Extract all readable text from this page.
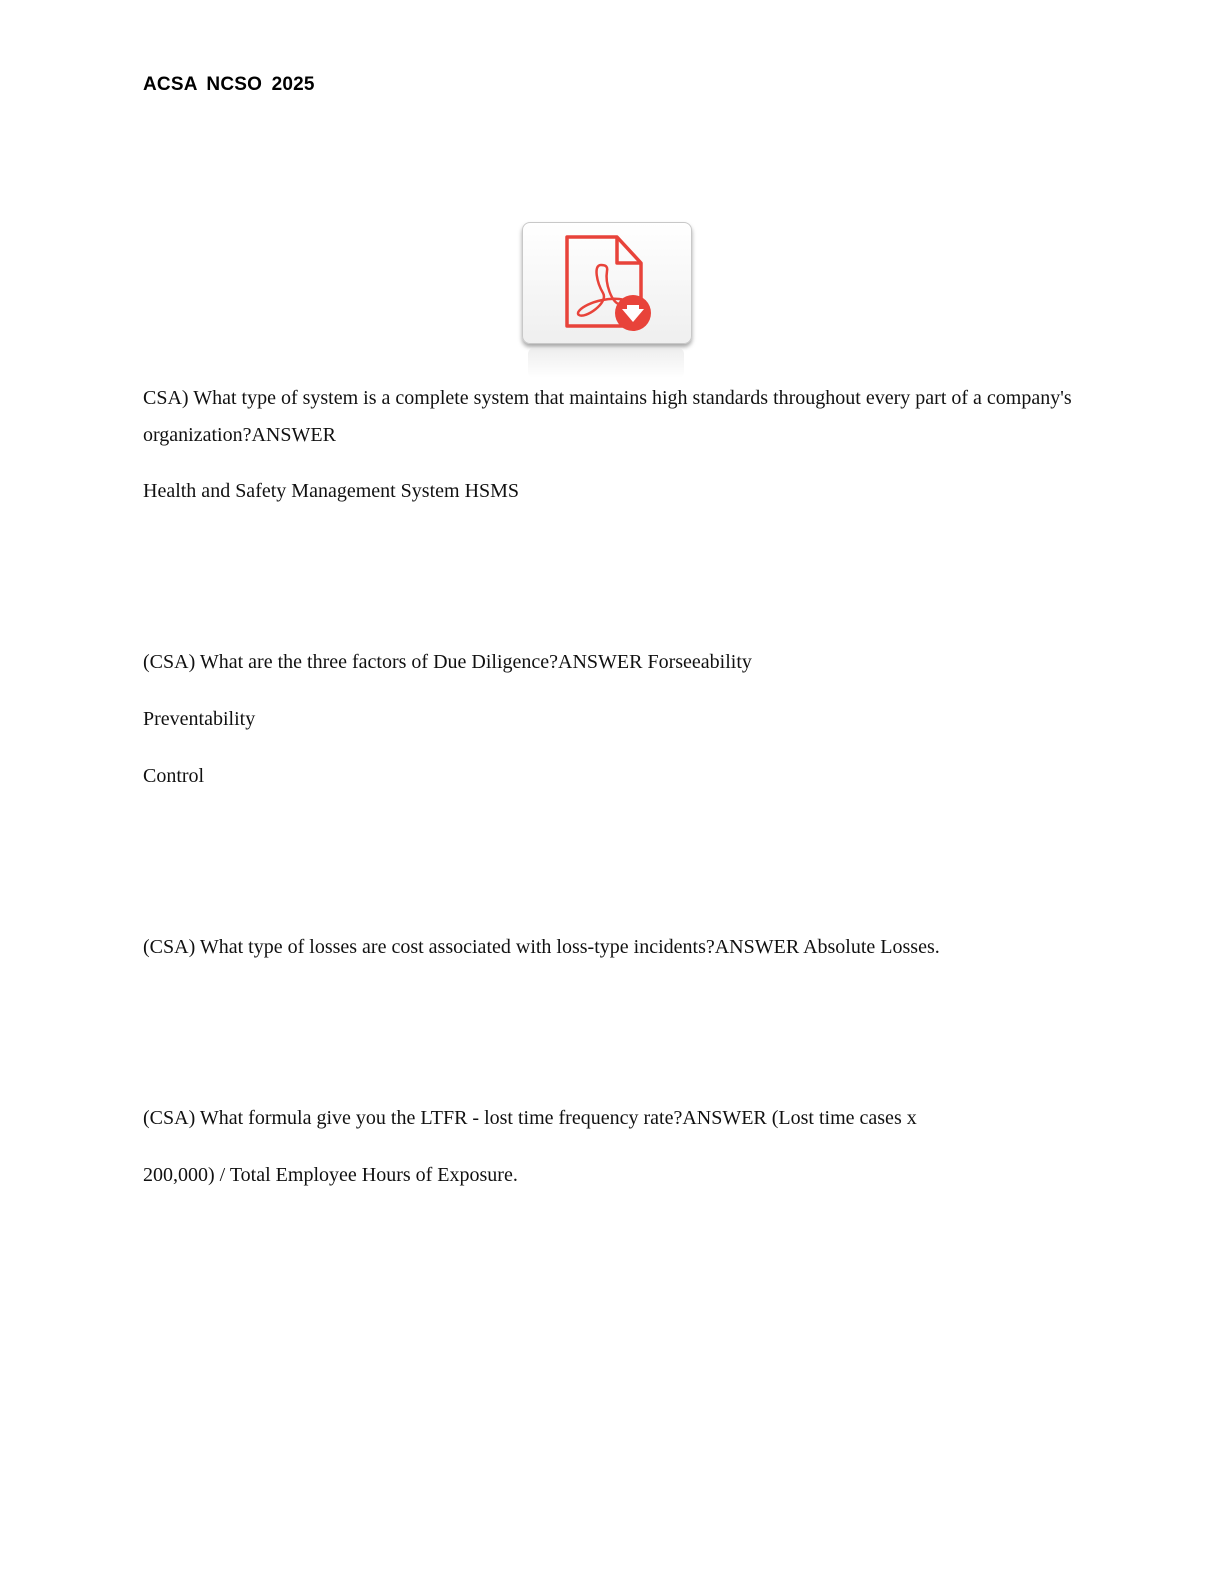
ACSA NCSO 2025

CSA) What type of system is a complete system that maintains high standards throughout every part of a company's organization?ANSWER

Health and Safety Management System HSMS

(CSA) What are the three factors of Due Diligence?ANSWER Forseeability

Preventability

Control

(CSA) What type of losses are cost associated with loss-type incidents?ANSWER Absolute Losses.

(CSA) What formula give you the LTFR - lost time frequency rate?ANSWER (Lost time cases x

200,000) / Total Employee Hours of Exposure.
